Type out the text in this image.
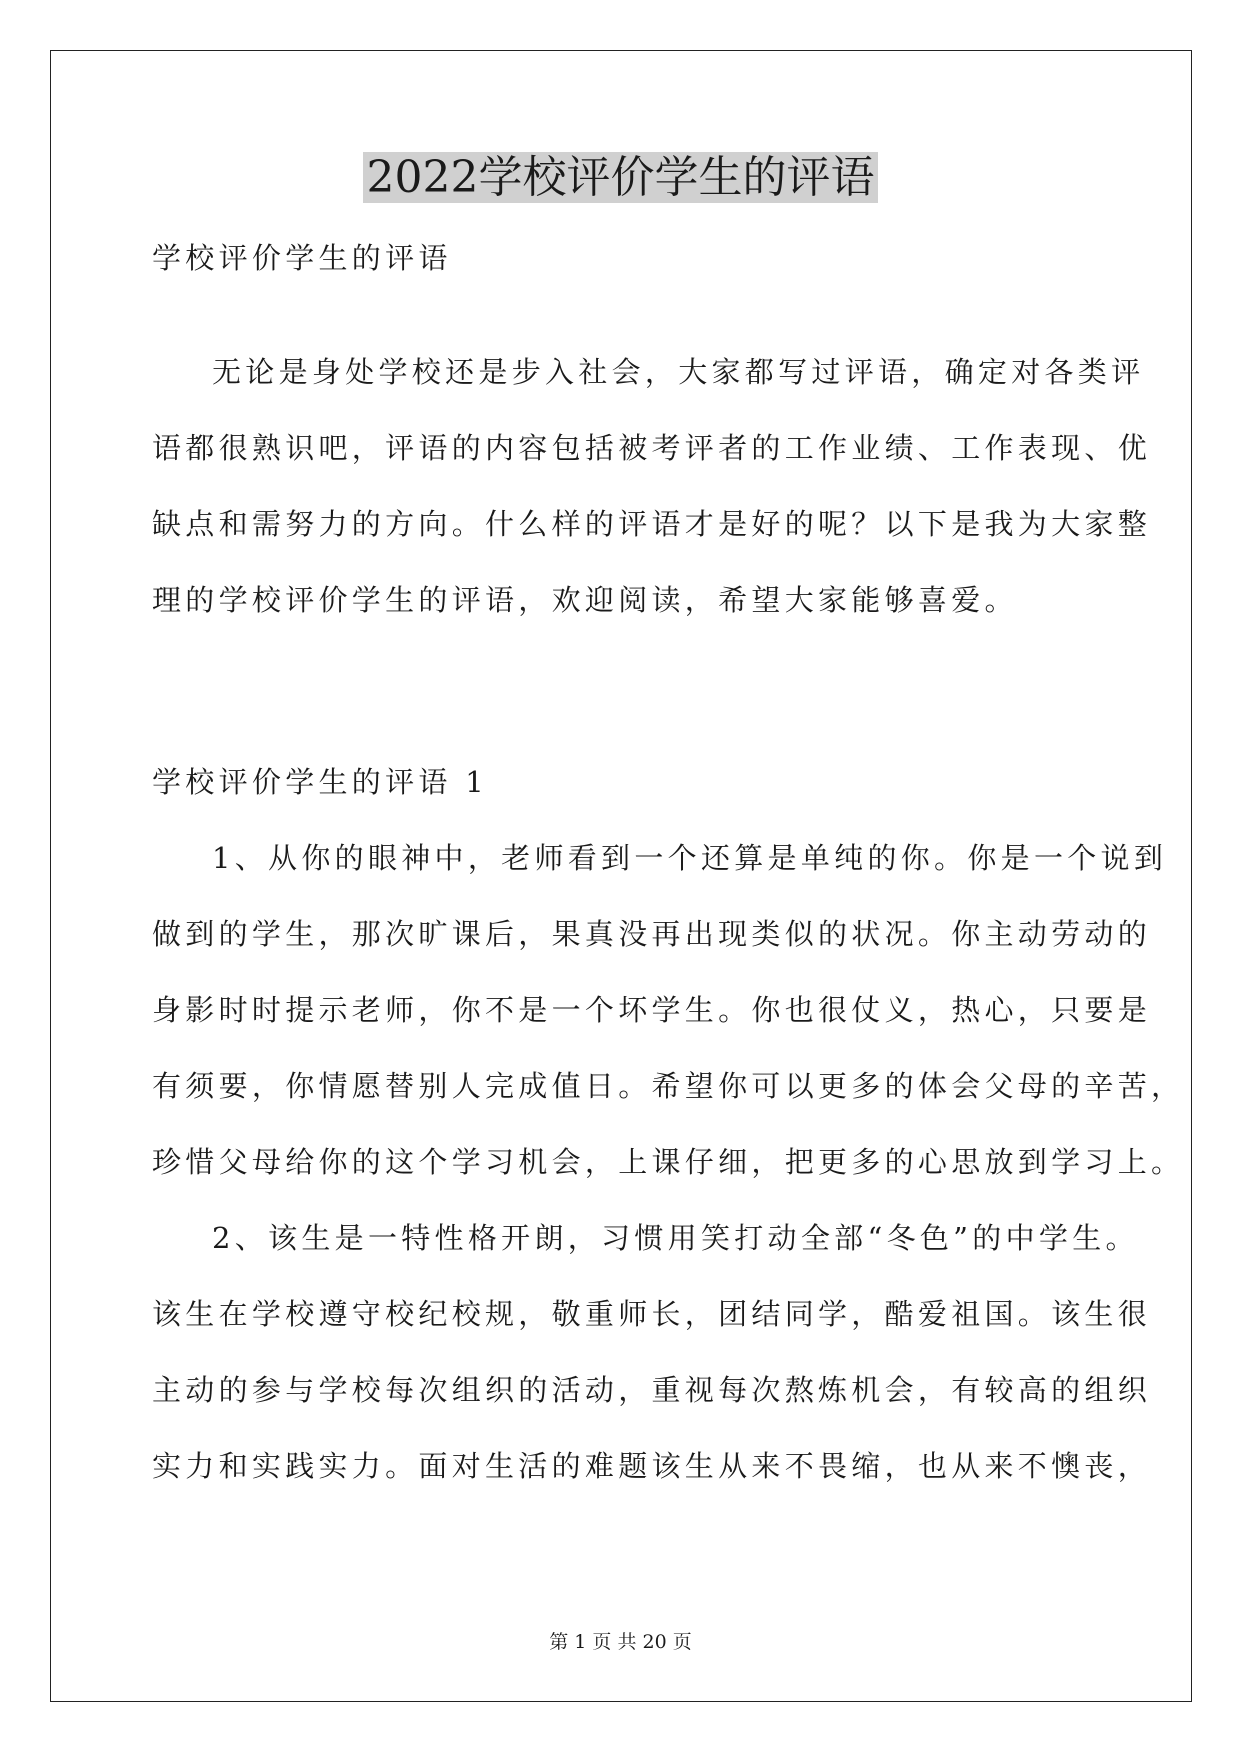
2022学校评价学生的评语
学校评价学生的评语
无论是身处学校还是步入社会，大家都写过评语，确定对各类评
语都很熟识吧，评语的内容包括被考评者的工作业绩、工作表现、优
缺点和需努力的方向。什么样的评语才是好的呢？以下是我为大家整
理的学校评价学生的评语，欢迎阅读，希望大家能够喜爱。
学校评价学生的评语 1
1、从你的眼神中，老师看到一个还算是单纯的你。你是一个说到
做到的学生，那次旷课后，果真没再出现类似的状况。你主动劳动的
身影时时提示老师，你不是一个坏学生。你也很仗义，热心，只要是
有须要，你情愿替别人完成值日。希望你可以更多的体会父母的辛苦，
珍惜父母给你的这个学习机会，上课仔细，把更多的心思放到学习上。
2、该生是一特性格开朗，习惯用笑打动全部“冬色”的中学生。
该生在学校遵守校纪校规，敬重师长，团结同学，酷爱祖国。该生很
主动的参与学校每次组织的活动，重视每次熬炼机会，有较高的组织
实力和实践实力。面对生活的难题该生从来不畏缩，也从来不懊丧，
第 1 页 共 20 页
